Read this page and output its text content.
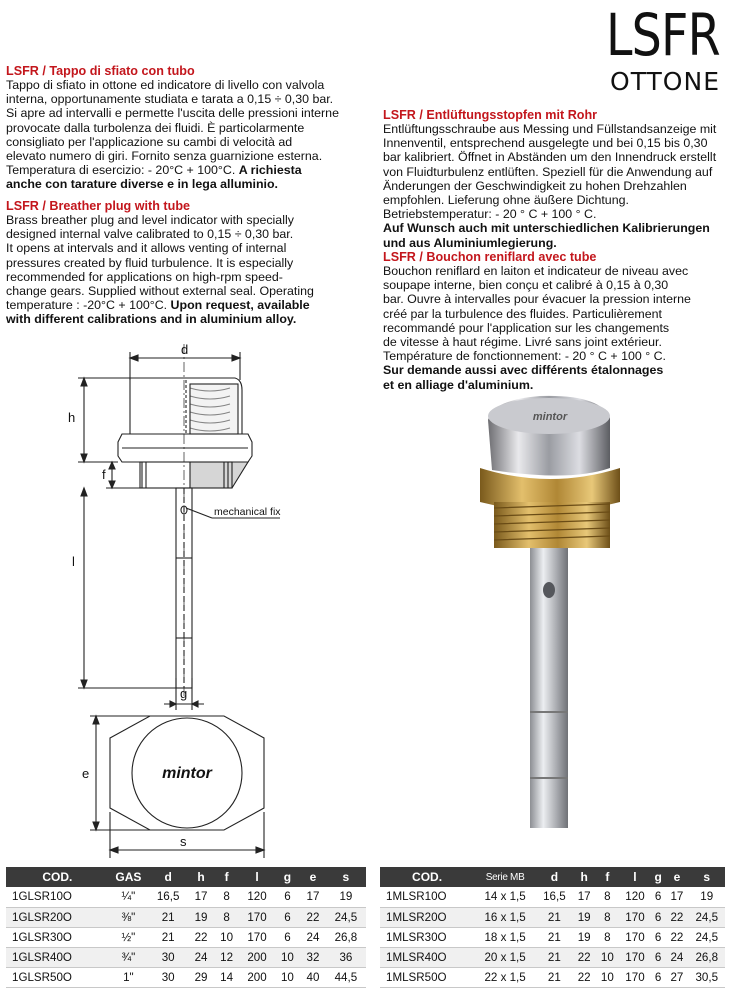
LSFR
OTTONE
LSFR / Tappo di sfiato con tubo

Tappo di sfiato in ottone ed indicatore di livello con valvola

interna, opportunamente studiata e tarata a 0,15 ÷ 0,30 bar.

Si apre ad intervalli e permette l'uscita delle pressioni interne

provocate dalla turbolenza dei fluidi. È particolarmente

consigliato per l'applicazione su cambi di velocità ad

elevato numero di giri. Fornito senza guarnizione esterna.

Temperatura di esercizio: - 20°C + 100°C. A richiesta

anche con tarature diverse e in lega alluminio.

LSFR / Breather plug with tube

Brass breather plug and level indicator with specially

designed internal valve calibrated to 0,15 ÷ 0,30 bar.

It opens at intervals and it allows venting of internal

pressures created by fluid turbulence. It is especially

recommended for applications on high-rpm speed-

change gears. Supplied without external seal. Operating

temperature : -20°C + 100°C. Upon request, available

with different calibrations and in aluminium alloy.

LSFR / Entlüftungsstopfen mit Rohr

Entlüftungsschraube aus Messing und Füllstandsanzeige mit

Innenventil, entsprechend ausgelegte und bei 0,15 bis 0,30

bar kalibriert. Öffnet in Abständen um den Innendruck erstellt

von Fluidturbulenz entlüften. Speziell für die Anwendung auf

Änderungen der Geschwindigkeit zu hohen Drehzahlen

empfohlen. Lieferung ohne äußere Dichtung.

Betriebstemperatur: - 20 ° C + 100 ° C.

Auf Wunsch auch mit unterschiedlichen Kalibrierungen

und aus Aluminiumlegierung.

LSFR / Bouchon reniflard avec tube

Bouchon reniflard en laiton et indicateur de niveau avec

soupape interne, bien conçu et calibré à 0,15 à 0,30

bar. Ouvre à intervalles pour évacuer la pression interne

créé par la turbulence des fluides. Particulièrement

recommandé pour l'application sur les changements

de vitesse à haut régime. Livré sans joint extérieur.

Température de fonctionnement: - 20 ° C + 100 ° C.

Sur demande aussi avec différents étalonnages

et en alliage d'aluminium.

d
h
f
l
g
e
s
mechanical fix
mintor
mintor
COD.	GAS	d	h	f	l	g	e	s
1GLSR10O	¼"	16,5	17	8	120	6	17	19
1GLSR20O	⅜"	21	19	8	170	6	22	24,5
1GLSR30O	½"	21	22	10	170	6	24	26,8
1GLSR40O	¾"	30	24	12	200	10	32	36
1GLSR50O	1"	30	29	14	200	10	40	44,5
COD.	Serie MB	d	h	f	l	g	e	s
1MLSR10O	14 x 1,5	16,5	17	8	120	6	17	19
1MLSR20O	16 x 1,5	21	19	8	170	6	22	24,5
1MLSR30O	18 x 1,5	21	19	8	170	6	22	24,5
1MLSR40O	20 x 1,5	21	22	10	170	6	24	26,8
1MLSR50O	22 x 1,5	21	22	10	170	6	27	30,5
